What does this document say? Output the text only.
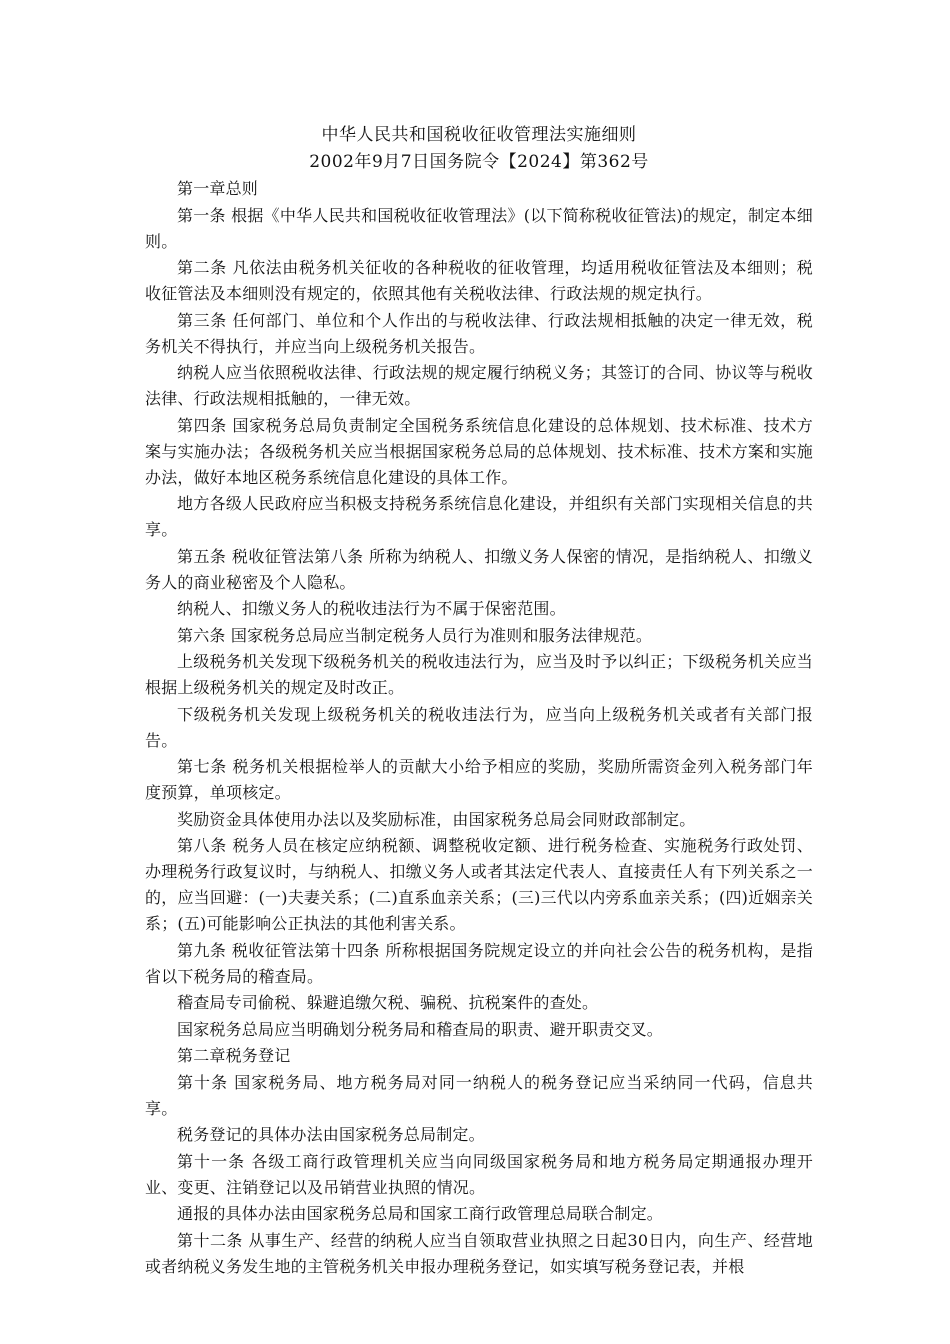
中华人民共和国税收征收管理法实施细则

2002年9月7日国务院令【2024】第362号

第一章总则

第一条 根据《中华人民共和国税收征收管理法》(以下简称税收征管法)的规定，制定本细则。

第二条 凡依法由税务机关征收的各种税收的征收管理，均适用税收征管法及本细则；税收征管法及本细则没有规定的，依照其他有关税收法律、行政法规的规定执行。

第三条 任何部门、单位和个人作出的与税收法律、行政法规相抵触的决定一律无效，税务机关不得执行，并应当向上级税务机关报告。

纳税人应当依照税收法律、行政法规的规定履行纳税义务；其签订的合同、协议等与税收法律、行政法规相抵触的，一律无效。

第四条 国家税务总局负责制定全国税务系统信息化建设的总体规划、技术标准、技术方案与实施办法；各级税务机关应当根据国家税务总局的总体规划、技术标准、技术方案和实施办法，做好本地区税务系统信息化建设的具体工作。

地方各级人民政府应当积极支持税务系统信息化建设，并组织有关部门实现相关信息的共享。

第五条 税收征管法第八条 所称为纳税人、扣缴义务人保密的情况，是指纳税人、扣缴义务人的商业秘密及个人隐私。

纳税人、扣缴义务人的税收违法行为不属于保密范围。

第六条 国家税务总局应当制定税务人员行为准则和服务法律规范。

上级税务机关发现下级税务机关的税收违法行为，应当及时予以纠正；下级税务机关应当根据上级税务机关的规定及时改正。

下级税务机关发现上级税务机关的税收违法行为，应当向上级税务机关或者有关部门报告。

第七条 税务机关根据检举人的贡献大小给予相应的奖励，奖励所需资金列入税务部门年度预算，单项核定。

奖励资金具体使用办法以及奖励标准，由国家税务总局会同财政部制定。

第八条 税务人员在核定应纳税额、调整税收定额、进行税务检查、实施税务行政处罚、办理税务行政复议时，与纳税人、扣缴义务人或者其法定代表人、直接责任人有下列关系之一的，应当回避：(一)夫妻关系；(二)直系血亲关系；(三)三代以内旁系血亲关系；(四)近姻亲关系；(五)可能影响公正执法的其他利害关系。

第九条 税收征管法第十四条 所称根据国务院规定设立的并向社会公告的税务机构，是指省以下税务局的稽查局。

稽查局专司偷税、躲避追缴欠税、骗税、抗税案件的查处。

国家税务总局应当明确划分税务局和稽查局的职责、避开职责交叉。

第二章税务登记

第十条 国家税务局、地方税务局对同一纳税人的税务登记应当采纳同一代码，信息共享。

税务登记的具体办法由国家税务总局制定。

第十一条 各级工商行政管理机关应当向同级国家税务局和地方税务局定期通报办理开业、变更、注销登记以及吊销营业执照的情况。

通报的具体办法由国家税务总局和国家工商行政管理总局联合制定。

第十二条 从事生产、经营的纳税人应当自领取营业执照之日起30日内，向生产、经营地或者纳税义务发生地的主管税务机关申报办理税务登记，如实填写税务登记表，并根
